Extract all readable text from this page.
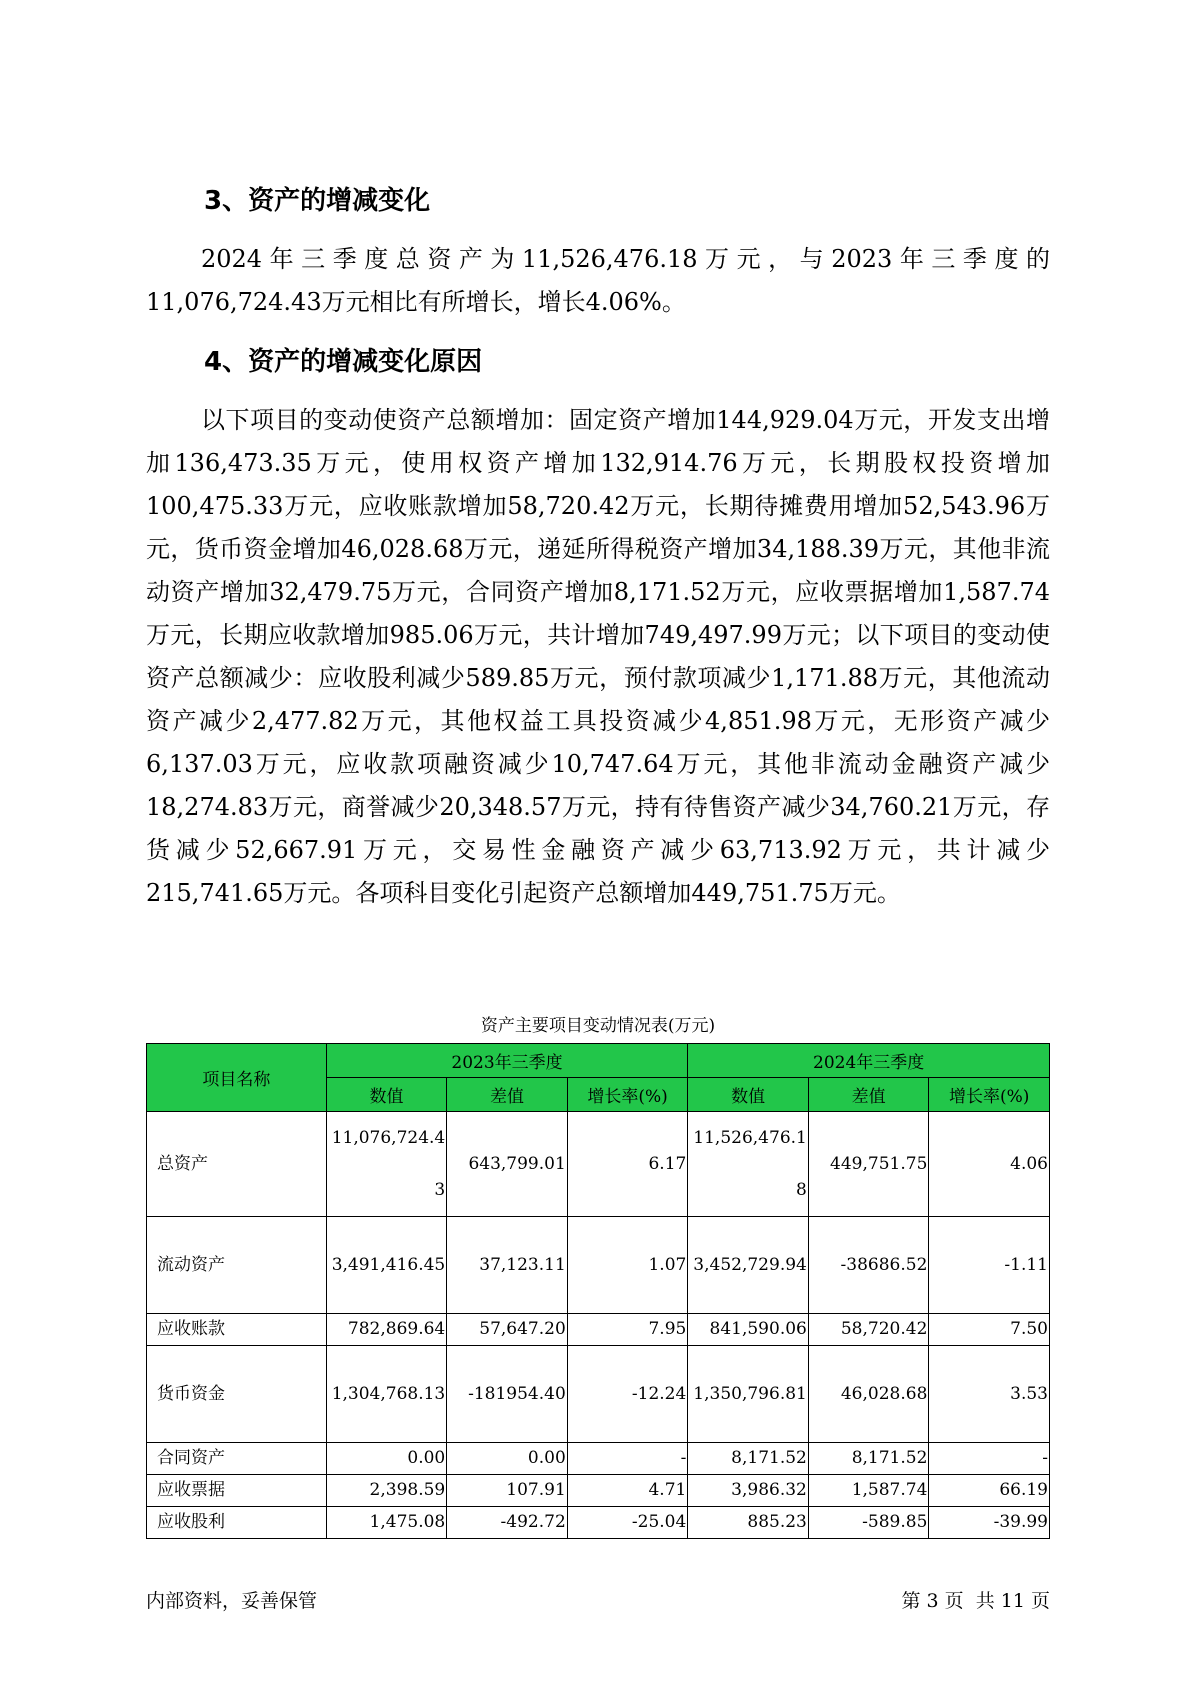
3、资产的增减变化

2024年三季度总资产为11,526,476.18万元，与2023年三季度的11,076,724.43万元相比有所增长，增长4.06%。

4、资产的增减变化原因

以下项目的变动使资产总额增加：固定资产增加144,929.04万元，开发支出增加136,473.35万元，使用权资产增加132,914.76万元，长期股权投资增加100,475.33万元，应收账款增加58,720.42万元，长期待摊费用增加52,543.96万元，货币资金增加46,028.68万元，递延所得税资产增加34,188.39万元，其他非流动资产增加32,479.75万元，合同资产增加8,171.52万元，应收票据增加1,587.74万元，长期应收款增加985.06万元，共计增加749,497.99万元；以下项目的变动使资产总额减少：应收股利减少589.85万元，预付款项减少1,171.88万元，其他流动资产减少2,477.82万元，其他权益工具投资减少4,851.98万元，无形资产减少6,137.03万元，应收款项融资减少10,747.64万元，其他非流动金融资产减少18,274.83万元，商誉减少20,348.57万元，持有待售资产减少34,760.21万元，存货减少52,667.91万元，交易性金融资产减少63,713.92万元，共计减少215,741.65万元。各项科目变化引起资产总额增加449,751.75万元。

资产主要项目变动情况表(万元)
项目名称	2023年三季度			2024年三季度		
	数值	差值	增长率(%)	数值	差值	增长率(%)
总资产	11,076,724.43	643,799.01	6.17	11,526,476.18	449,751.75	4.06
流动资产	3,491,416.45	37,123.11	1.07	3,452,729.94	-38686.52	-1.11
应收账款	782,869.64	57,647.20	7.95	841,590.06	58,720.42	7.50
货币资金	1,304,768.13	-181954.40	-12.24	1,350,796.81	46,028.68	3.53
合同资产	0.00	0.00	-	8,171.52	8,171.52	-
应收票据	2,398.59	107.91	4.71	3,986.32	1,587.74	66.19
应收股利	1,475.08	-492.72	-25.04	885.23	-589.85	-39.99
内部资料，妥善保管	第 3 页  共 11 页
